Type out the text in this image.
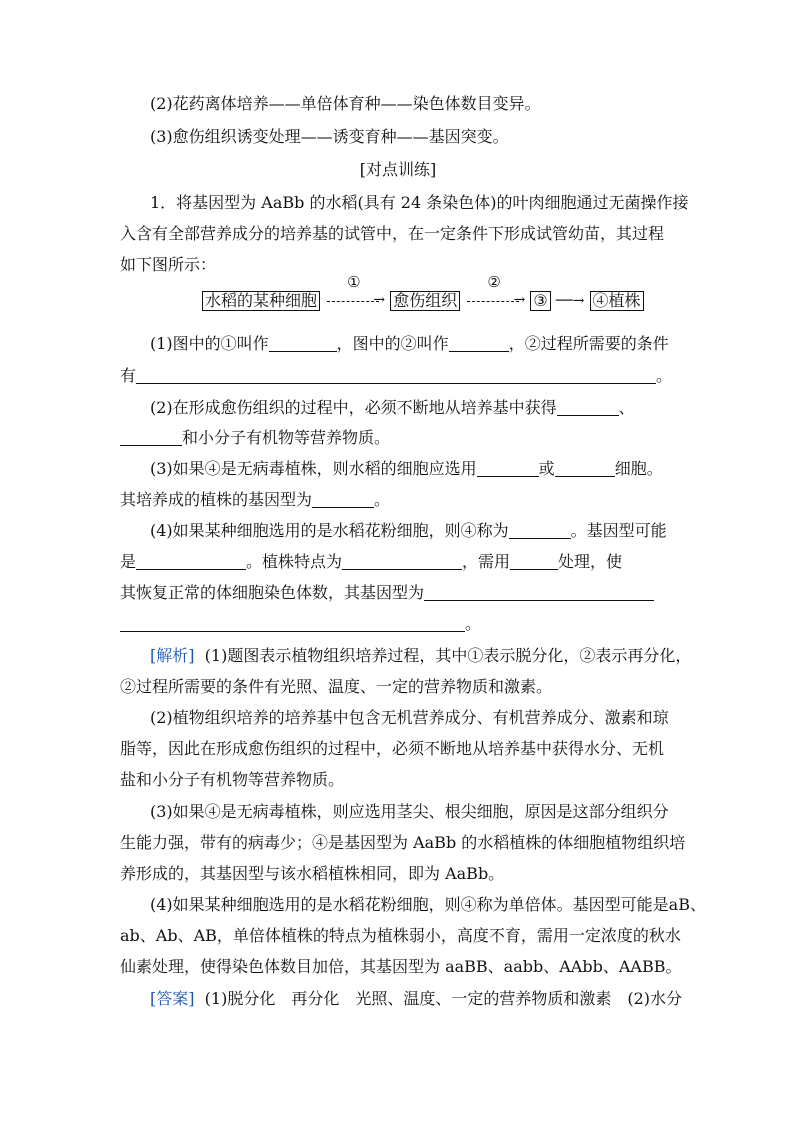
(2)花药离体培养——单倍体育种——染色体数目变异。
(3)愈伤组织诱变处理——诱变育种——基因突变。
[对点训练]
1．将基因型为 AaBb 的水稻(具有 24 条染色体)的叶肉细胞通过无菌操作接
入含有全部营养成分的培养基的试管中，在一定条件下形成试管幼苗，其过程
如下图所示：
水稻的某种细胞
①
→ 愈伤组织
②
→ ③ ──→ ④植株
(1)图中的①叫作	，图中的②叫作	，②过程所需要的条件
有	。
(2)在形成愈伤组织的过程中，必须不断地从培养基中获得	、
和小分子有机物等营养物质。
(3)如果④是无病毒植株，则水稻的细胞应选用	或	细胞。
其培养成的植株的基因型为	。
(4)如果某种细胞选用的是水稻花粉细胞，则④称为	。基因型可能
是	。植株特点为	，需用	处理，使
其恢复正常的体细胞染色体数，其基因型为
。
[解析] (1)题图表示植物组织培养过程，其中①表示脱分化，②表示再分化，
②过程所需要的条件有光照、温度、一定的营养物质和激素。
(2)植物组织培养的培养基中包含无机营养成分、有机营养成分、激素和琼
脂等，因此在形成愈伤组织的过程中，必须不断地从培养基中获得水分、无机
盐和小分子有机物等营养物质。
(3)如果④是无病毒植株，则应选用茎尖、根尖细胞，原因是这部分组织分
生能力强，带有的病毒少；④是基因型为 AaBb 的水稻植株的体细胞植物组织培
养形成的，其基因型与该水稻植株相同，即为 AaBb。
(4)如果某种细胞选用的是水稻花粉细胞，则④称为单倍体。基因型可能是aB、
ab、Ab、AB，单倍体植株的特点为植株弱小，高度不育，需用一定浓度的秋水
仙素处理，使得染色体数目加倍，其基因型为 aaBB、aabb、AAbb、AABB。
[答案] (1)脱分化　再分化　光照、温度、一定的营养物质和激素　(2)水分
